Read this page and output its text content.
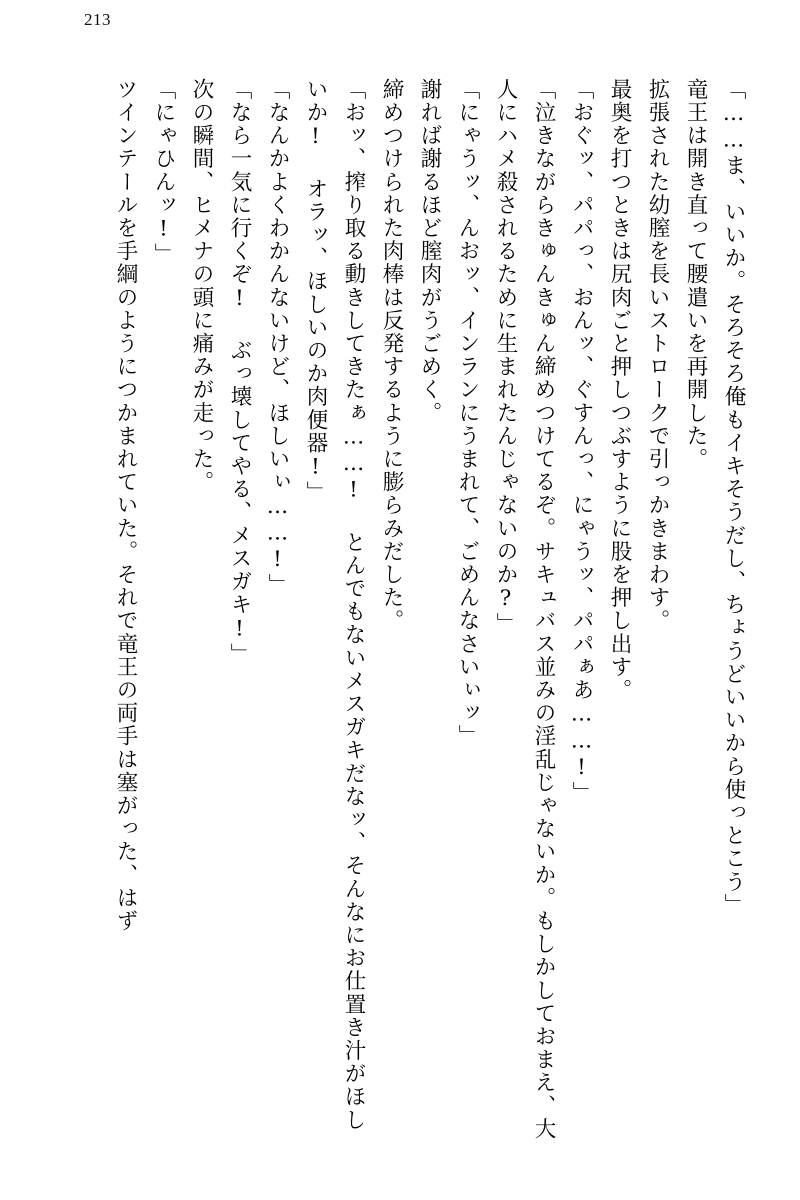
213

「……ま、いいか。そろそろ俺もイキそうだし、ちょうどいいから使っとこう」

竜王は開き直って腰遣いを再開した。

拡張された幼膣を長いストロークで引っかきまわす。

最奥を打つときは尻肉ごと押しつぶすように股を押し出す。

「おぐッ、パパっ、おんッ、ぐすんっ、にゃうッ、パパぁあ……!」

「泣きながらきゅんきゅん締めつけてるぞ。サキュバス並みの淫乱じゃないか。もしかしておまえ、大人にハメ殺されるために生まれたんじゃないのか?」

「にゃうッ、んおッ、インランにうまれて、ごめんなさいぃッ」

謝れば謝るほど膣肉がうごめく。

締めつけられた肉棒は反発するように膨らみだした。

「おッ、搾り取る動きしてきたぁ……! とんでもないメスガキだなッ、そんなにお仕置き汁がほしいか! オラッ、ほしいのか肉便器!」

「なんかよくわかんないけど、ほしいぃ……!」

「なら一気に行くぞ! ぶっ壊してやる、メスガキ!」

次の瞬間、ヒメナの頭に痛みが走った。

「にゃひんッ!」

ツインテールを手綱のようにつかまれていた。それで竜王の両手は塞がった、はず
